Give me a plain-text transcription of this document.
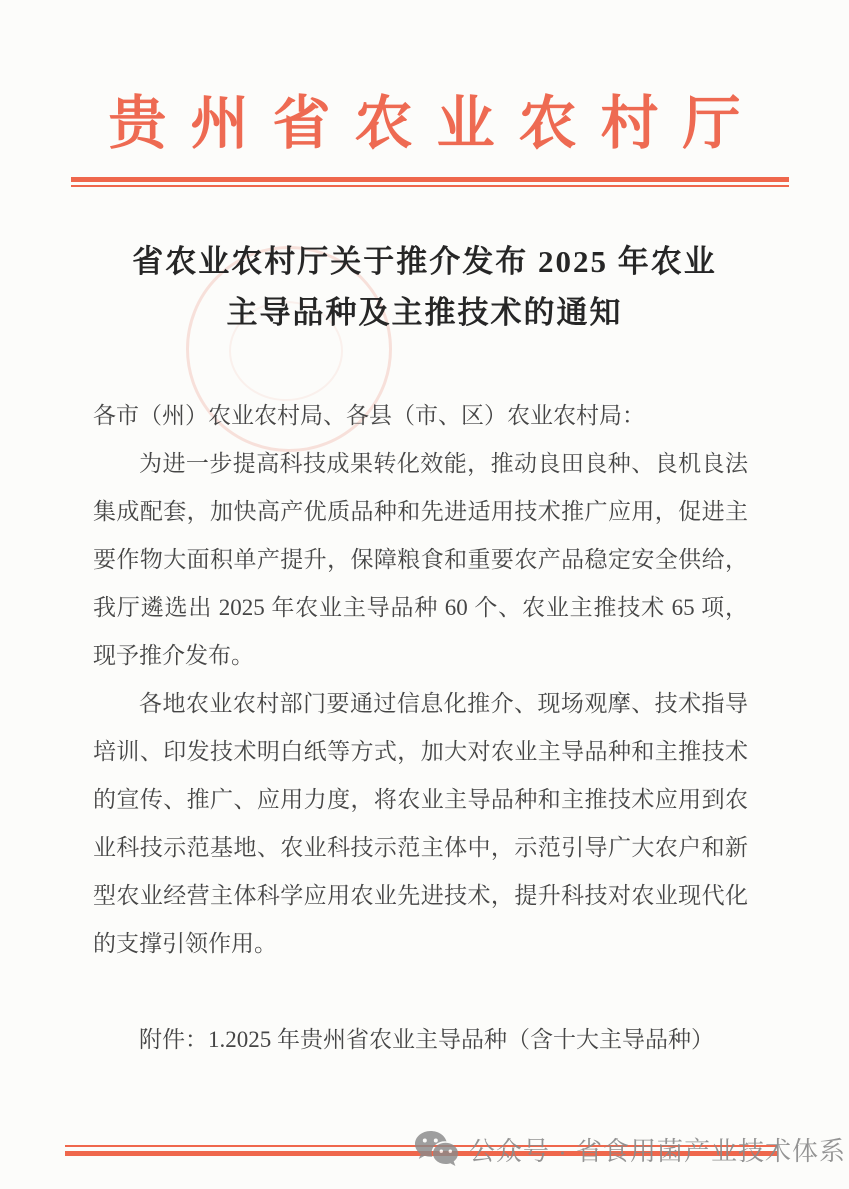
贵州省农业农村厅
省农业农村厅关于推介发布 2025 年农业
主导品种及主推技术的通知
各市（州）农业农村局、各县（市、区）农业农村局：
为进一步提高科技成果转化效能，推动良田良种、良机良法
集成配套，加快高产优质品种和先进适用技术推广应用，促进主
要作物大面积单产提升，保障粮食和重要农产品稳定安全供给，
我厅遴选出 2025 年农业主导品种 60 个、农业主推技术 65 项，
现予推介发布。
各地农业农村部门要通过信息化推介、现场观摩、技术指导
培训、印发技术明白纸等方式，加大对农业主导品种和主推技术
的宣传、推广、应用力度，将农业主导品种和主推技术应用到农
业科技示范基地、农业科技示范主体中，示范引导广大农户和新
型农业经营主体科学应用农业先进技术，提升科技对农业现代化
的支撑引领作用。
附件：1.2025 年贵州省农业主导品种（含十大主导品种）
公众号 · 省食用菌产业技术体系
